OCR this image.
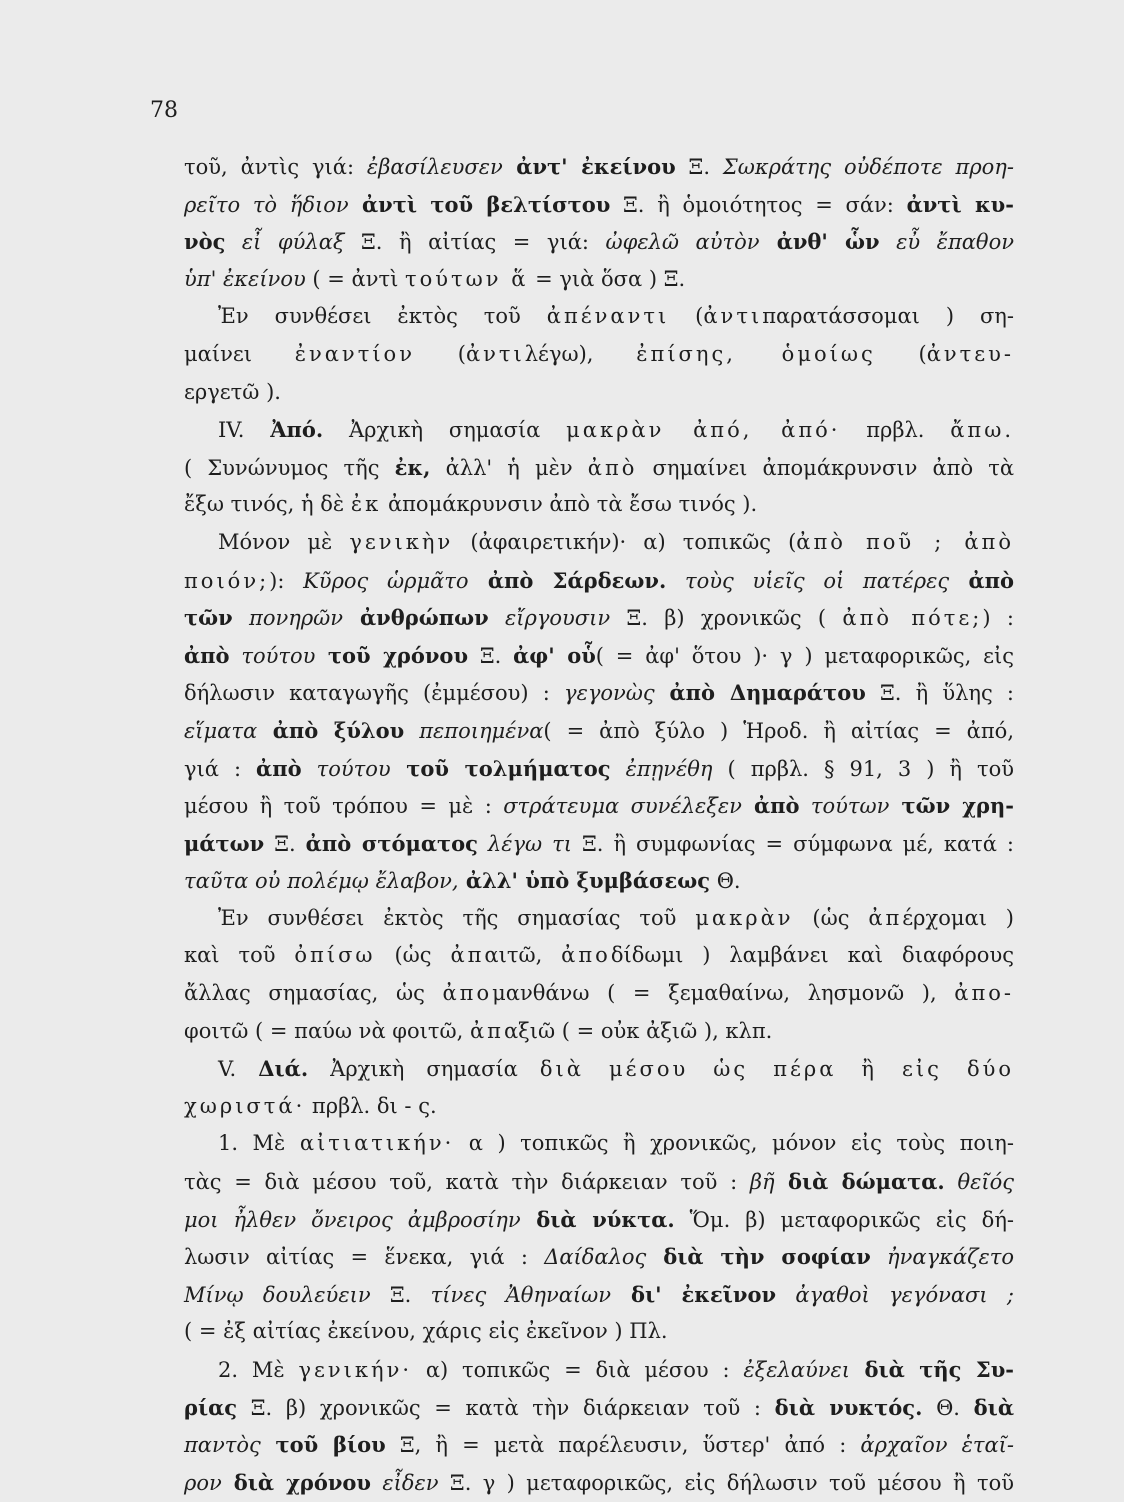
78
τοῦ, ἀντὶς γιά: ἐβασίλευσεν ἀντ' ἐκείνου Ξ. Σωκράτης οὐδέποτε προη-
ρεῖτο τὸ ἥδιον ἀντὶ τοῦ βελτίστου Ξ. ἢ ὁμοιότητος = σάν: ἀντὶ κυ-
νὸς εἶ φύλαξ Ξ. ἢ αἰτίας = γιά: ὠφελῶ αὐτὸν ἀνθ' ὧν εὖ ἔπαθον
ὑπ' ἐκείνου ( = ἀντὶ τούτων ἅ = γιὰ ὅσα ) Ξ.
Ἐν συνθέσει ἐκτὸς τοῦ ἀπέναντι (ἀντιπαρατάσσομαι ) ση-
μαίνει ἐναντίον (ἀντιλέγω), ἐπίσης, ὁμοίως (ἀντευ-
εργετῶ ).
IV. Ἀπό. Ἀρχικὴ σημασία μακρὰν ἀπό, ἀπό· πρβλ. ἄπω.
( Συνώνυμος τῆς ἐκ, ἀλλ' ἡ μὲν ἀπὸ σημαίνει ἀπομάκρυνσιν ἀπὸ τὰ
ἔξω τινός, ἡ δὲ ἐκ ἀπομάκρυνσιν ἀπὸ τὰ ἔσω τινός ).
Μόνον μὲ γενικὴν (ἀφαιρετικήν)· α) τοπικῶς (ἀπὸ ποῦ ; ἀπὸ
ποιόν;): Κῦρος ὡρμᾶτο ἀπὸ Σάρδεων. τοὺς υἱεῖς οἱ πατέρες ἀπὸ
τῶν πονηρῶν ἀνθρώπων εἴργουσιν Ξ. β) χρονικῶς ( ἀπὸ πότε;) :
ἀπὸ τούτου τοῦ χρόνου Ξ. ἀφ' οὗ( = ἀφ' ὅτου )· γ ) μεταφορικῶς, εἰς
δήλωσιν καταγωγῆς (ἐμμέσου) : γεγονὼς ἀπὸ Δημαράτου Ξ. ἢ ὕλης :
εἵματα ἀπὸ ξύλου πεποιημένα( = ἀπὸ ξύλο ) Ἡροδ. ἢ αἰτίας = ἀπό,
γιά : ἀπὸ τούτου τοῦ τολμήματος ἐπῃνέθη ( πρβλ. § 91, 3 ) ἢ τοῦ
μέσου ἢ τοῦ τρόπου = μὲ : στράτευμα συνέλεξεν ἀπὸ τούτων τῶν χρη-
μάτων Ξ. ἀπὸ στόματος λέγω τι Ξ. ἢ συμφωνίας = σύμφωνα μέ, κατά :
ταῦτα οὐ πολέμῳ ἔλαβον, ἀλλ' ὑπὸ ξυμβάσεως Θ.
Ἐν συνθέσει ἐκτὸς τῆς σημασίας τοῦ μακρὰν (ὡς ἀπέρχομαι )
καὶ τοῦ ὀπίσω (ὡς ἀπαιτῶ, ἀποδίδωμι ) λαμβάνει καὶ διαφόρους
ἄλλας σημασίας, ὡς ἀπομανθάνω ( = ξεμαθαίνω, λησμονῶ ), ἀπο-
φοιτῶ ( = παύω νὰ φοιτῶ, ἀπαξιῶ ( = οὐκ ἀξιῶ ), κλπ.
V. Διά. Ἀρχικὴ σημασία διὰ μέσου ὡς πέρα ἢ εἰς δύο
χωριστά· πρβλ. δι - ς.
1. Μὲ αἰτιατικήν· α ) τοπικῶς ἢ χρονικῶς, μόνον εἰς τοὺς ποιη-
τὰς = διὰ μέσου τοῦ, κατὰ τὴν διάρκειαν τοῦ : βῆ διὰ δώματα. θεῖός
μοι ἦλθεν ὄνειρος ἀμβροσίην διὰ νύκτα. Ὅμ. β) μεταφορικῶς εἰς δή-
λωσιν αἰτίας = ἕνεκα, γιά : Δαίδαλος διὰ τὴν σοφίαν ἠναγκάζετο
Μίνῳ δουλεύειν Ξ. τίνες Ἀθηναίων δι' ἐκεῖνον ἀγαθοὶ γεγόνασι ;
( = ἐξ αἰτίας ἐκείνου, χάρις εἰς ἐκεῖνον ) Πλ.
2. Μὲ γενικήν· α) τοπικῶς = διὰ μέσου : ἐξελαύνει διὰ τῆς Συ-
ρίας Ξ. β) χρονικῶς = κατὰ τὴν διάρκειαν τοῦ : διὰ νυκτός. Θ. διὰ
παντὸς τοῦ βίου Ξ, ἢ = μετὰ παρέλευσιν, ὕστερ' ἀπό : ἀρχαῖον ἑταῖ-
ρον διὰ χρόνου εἶδεν Ξ. γ ) μεταφορικῶς, εἰς δήλωσιν τοῦ μέσου ἢ τοῦ
